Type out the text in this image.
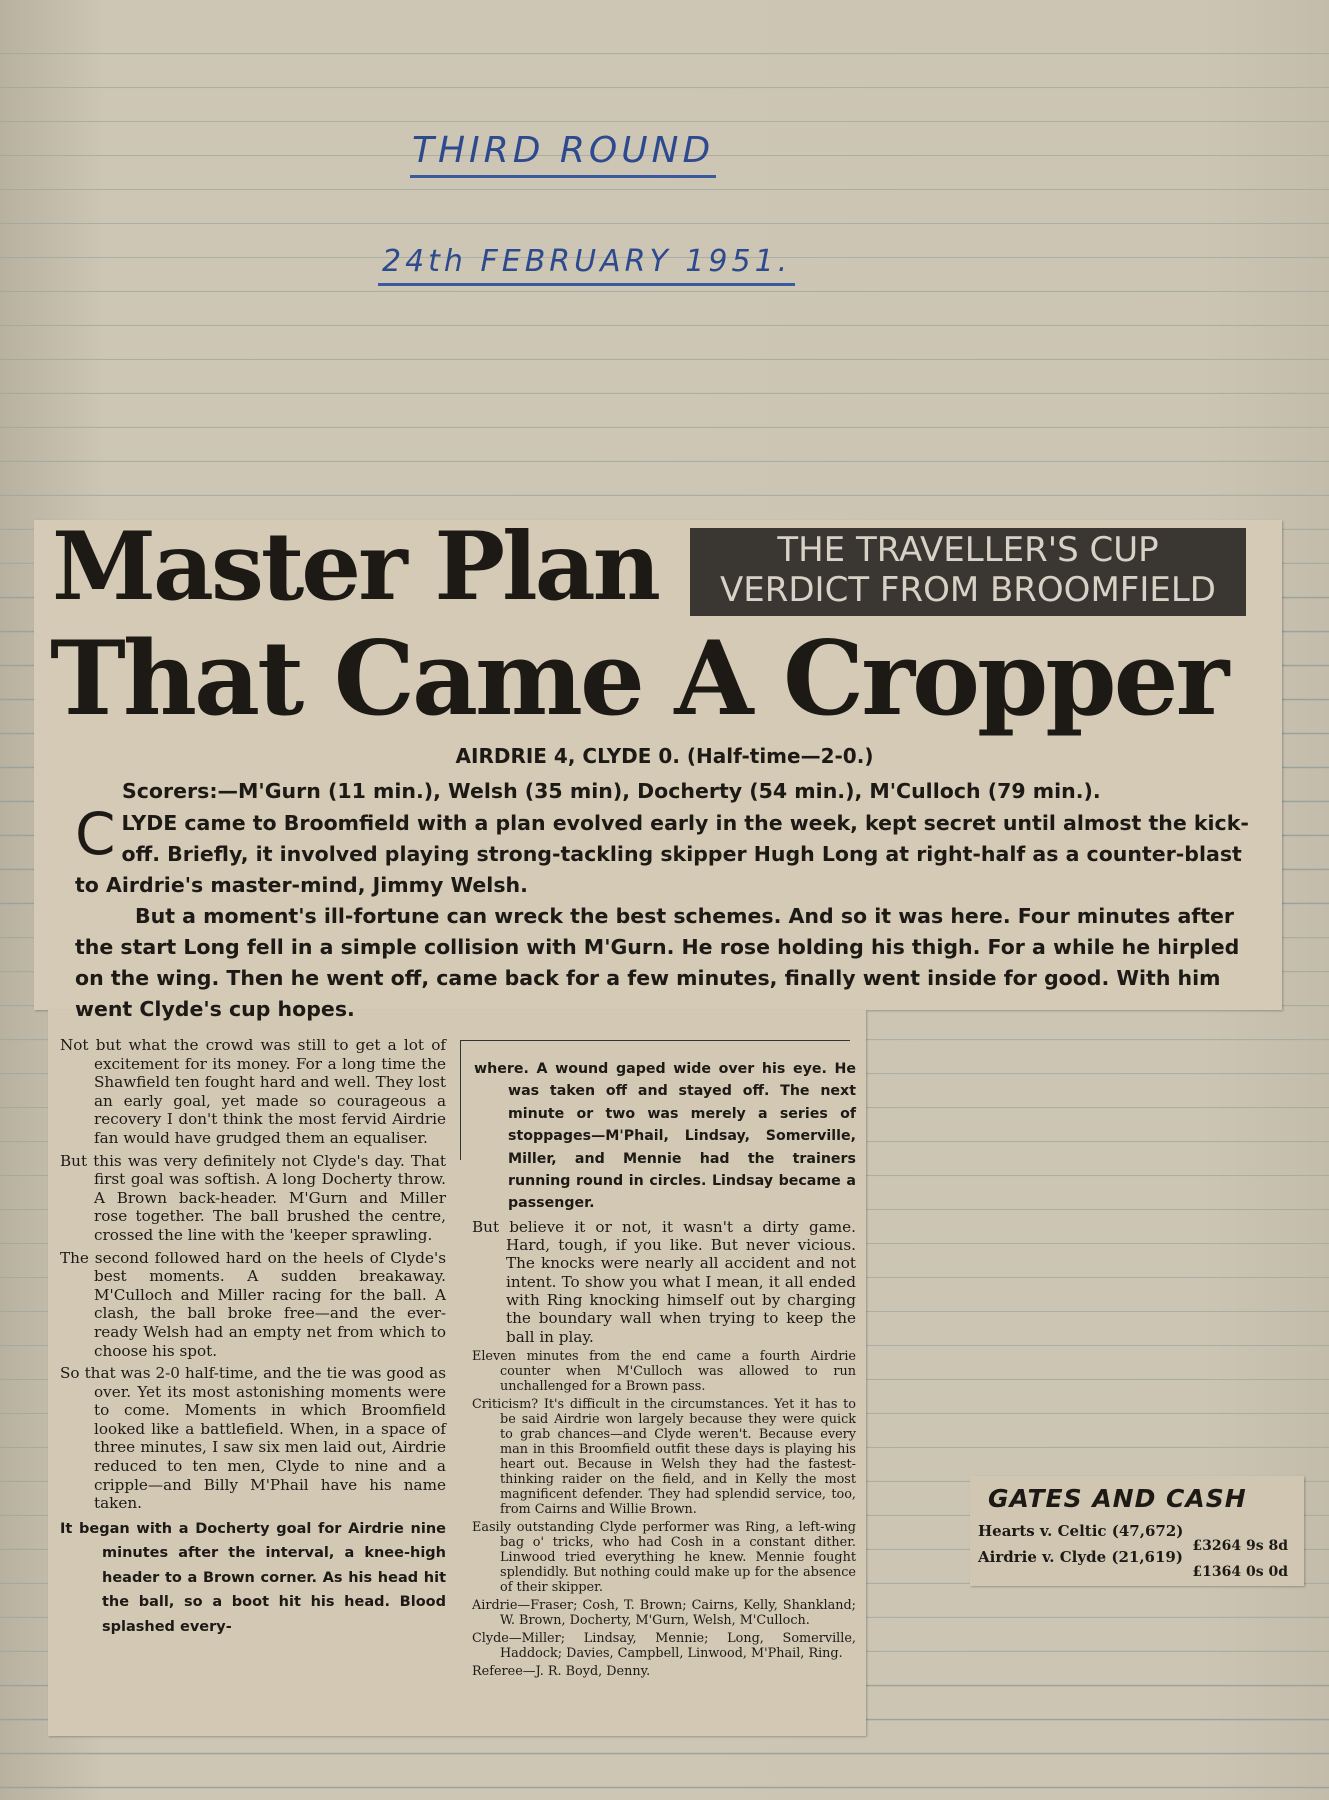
THIRD ROUND
24th FEBRUARY 1951.
Master Plan	THE TRAVELLER'S CUP
VERDICT FROM BROOMFIELD
That Came A Cropper
AIRDRIE 4, CLYDE 0. (Half-time—2-0.)
Scorers:—M'Gurn (11 min.), Welsh (35 min), Docherty (54 min.), M'Culloch (79 min.).

CLYDE came to Broomfield with a plan evolved early in the week, kept secret until almost the kick-off. Briefly, it involved playing strong-tackling skipper Hugh Long at right-half as a counter-blast to Airdrie's master-mind, Jimmy Welsh.

But a moment's ill-fortune can wreck the best schemes. And so it was here. Four minutes after the start Long fell in a simple collision with M'Gurn. He rose holding his thigh. For a while he hirpled on the wing. Then he went off, came back for a few minutes, finally went inside for good. With him went Clyde's cup hopes.

Not but what the crowd was still to get a lot of excitement for its money. For a long time the Shawfield ten fought hard and well. They lost an early goal, yet made so courageous a recovery I don't think the most fervid Airdrie fan would have grudged them an equaliser.

But this was very definitely not Clyde's day. That first goal was softish. A long Docherty throw. A Brown back-header. M'Gurn and Miller rose together. The ball brushed the centre, crossed the line with the 'keeper sprawling.

The second followed hard on the heels of Clyde's best moments. A sudden breakaway. M'Culloch and Miller racing for the ball. A clash, the ball broke free—and the ever-ready Welsh had an empty net from which to choose his spot.

So that was 2-0 half-time, and the tie was good as over. Yet its most astonishing moments were to come. Moments in which Broomfield looked like a battlefield. When, in a space of three minutes, I saw six men laid out, Airdrie reduced to ten men, Clyde to nine and a cripple—and Billy M'Phail have his name taken.

It began with a Docherty goal for Airdrie nine minutes after the interval, a knee-high header to a Brown corner. As his head hit the ball, so a boot hit his head. Blood splashed every-

where. A wound gaped wide over his eye. He was taken off and stayed off. The next minute or two was merely a series of stoppages—M'Phail, Lindsay, Somerville, Miller, and Mennie had the trainers running round in circles. Lindsay became a passenger.

But believe it or not, it wasn't a dirty game. Hard, tough, if you like. But never vicious. The knocks were nearly all accident and not intent. To show you what I mean, it all ended with Ring knocking himself out by charging the boundary wall when trying to keep the ball in play.

Eleven minutes from the end came a fourth Airdrie counter when M'Culloch was allowed to run unchallenged for a Brown pass.

Criticism? It's difficult in the circumstances. Yet it has to be said Airdrie won largely because they were quick to grab chances—and Clyde weren't. Because every man in this Broomfield outfit these days is playing his heart out. Because in Welsh they had the fastest-thinking raider on the field, and in Kelly the most magnificent defender. They had splendid service, too, from Cairns and Willie Brown.

Easily outstanding Clyde performer was Ring, a left-wing bag o' tricks, who had Cosh in a constant dither. Linwood tried everything he knew. Mennie fought splendidly. But nothing could make up for the absence of their skipper.

Airdrie—Fraser; Cosh, T. Brown; Cairns, Kelly, Shankland; W. Brown, Docherty, M'Gurn, Welsh, M'Culloch.

Clyde—Miller; Lindsay, Mennie; Long, Somerville, Haddock; Davies, Campbell, Linwood, M'Phail, Ring.

Referee—J. R. Boyd, Denny.

GATES AND CASH
Hearts v. Celtic (47,672)
£3264 9s 8d
Airdrie v. Clyde (21,619)
£1364 0s 0d
